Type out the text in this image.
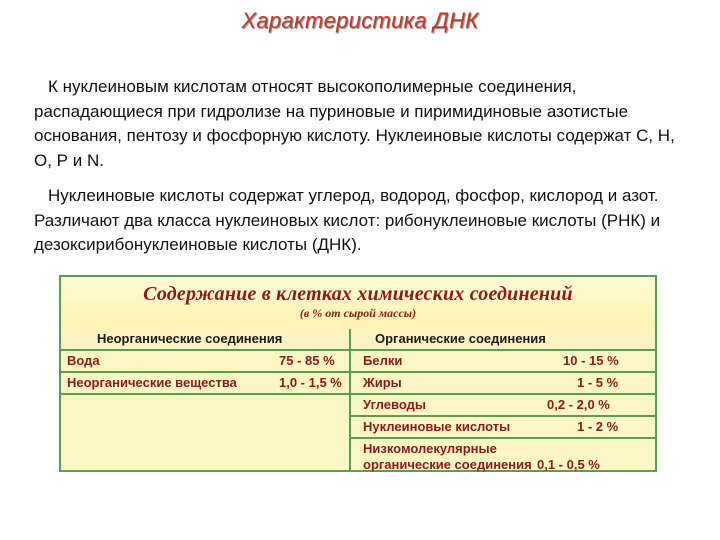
Характеристика ДНК

К нуклеиновым кислотам относят высокополимерные соединения, распадающиеся при гидролизе на пуриновые и пиримидиновые азотистые основания, пентозу и фосфорную кислоту. Нуклеиновые кислоты содержат С, Н, О, Р и N.

Нуклеиновые кислоты содержат углерод, водород, фосфор, кислород и азот. Различают два класса нуклеиновых кислот: рибонуклеиновые кислоты (РНК) и дезоксирибонуклеиновые кислоты (ДНК).

Содержание в клетках химических соединений
(в % от сырой массы)
Неорганические соединения	Органические соединения
Вода	75 - 85 %
Неорганические вещества	1,0 - 1,5 %
Белки	10 - 15 %
Жиры	1 - 5 %
Углеводы	0,2 - 2,0 %
Нуклеиновые кислоты	1 - 2 %
Низкомолекулярные органические соединения 0,1 - 0,5 %
